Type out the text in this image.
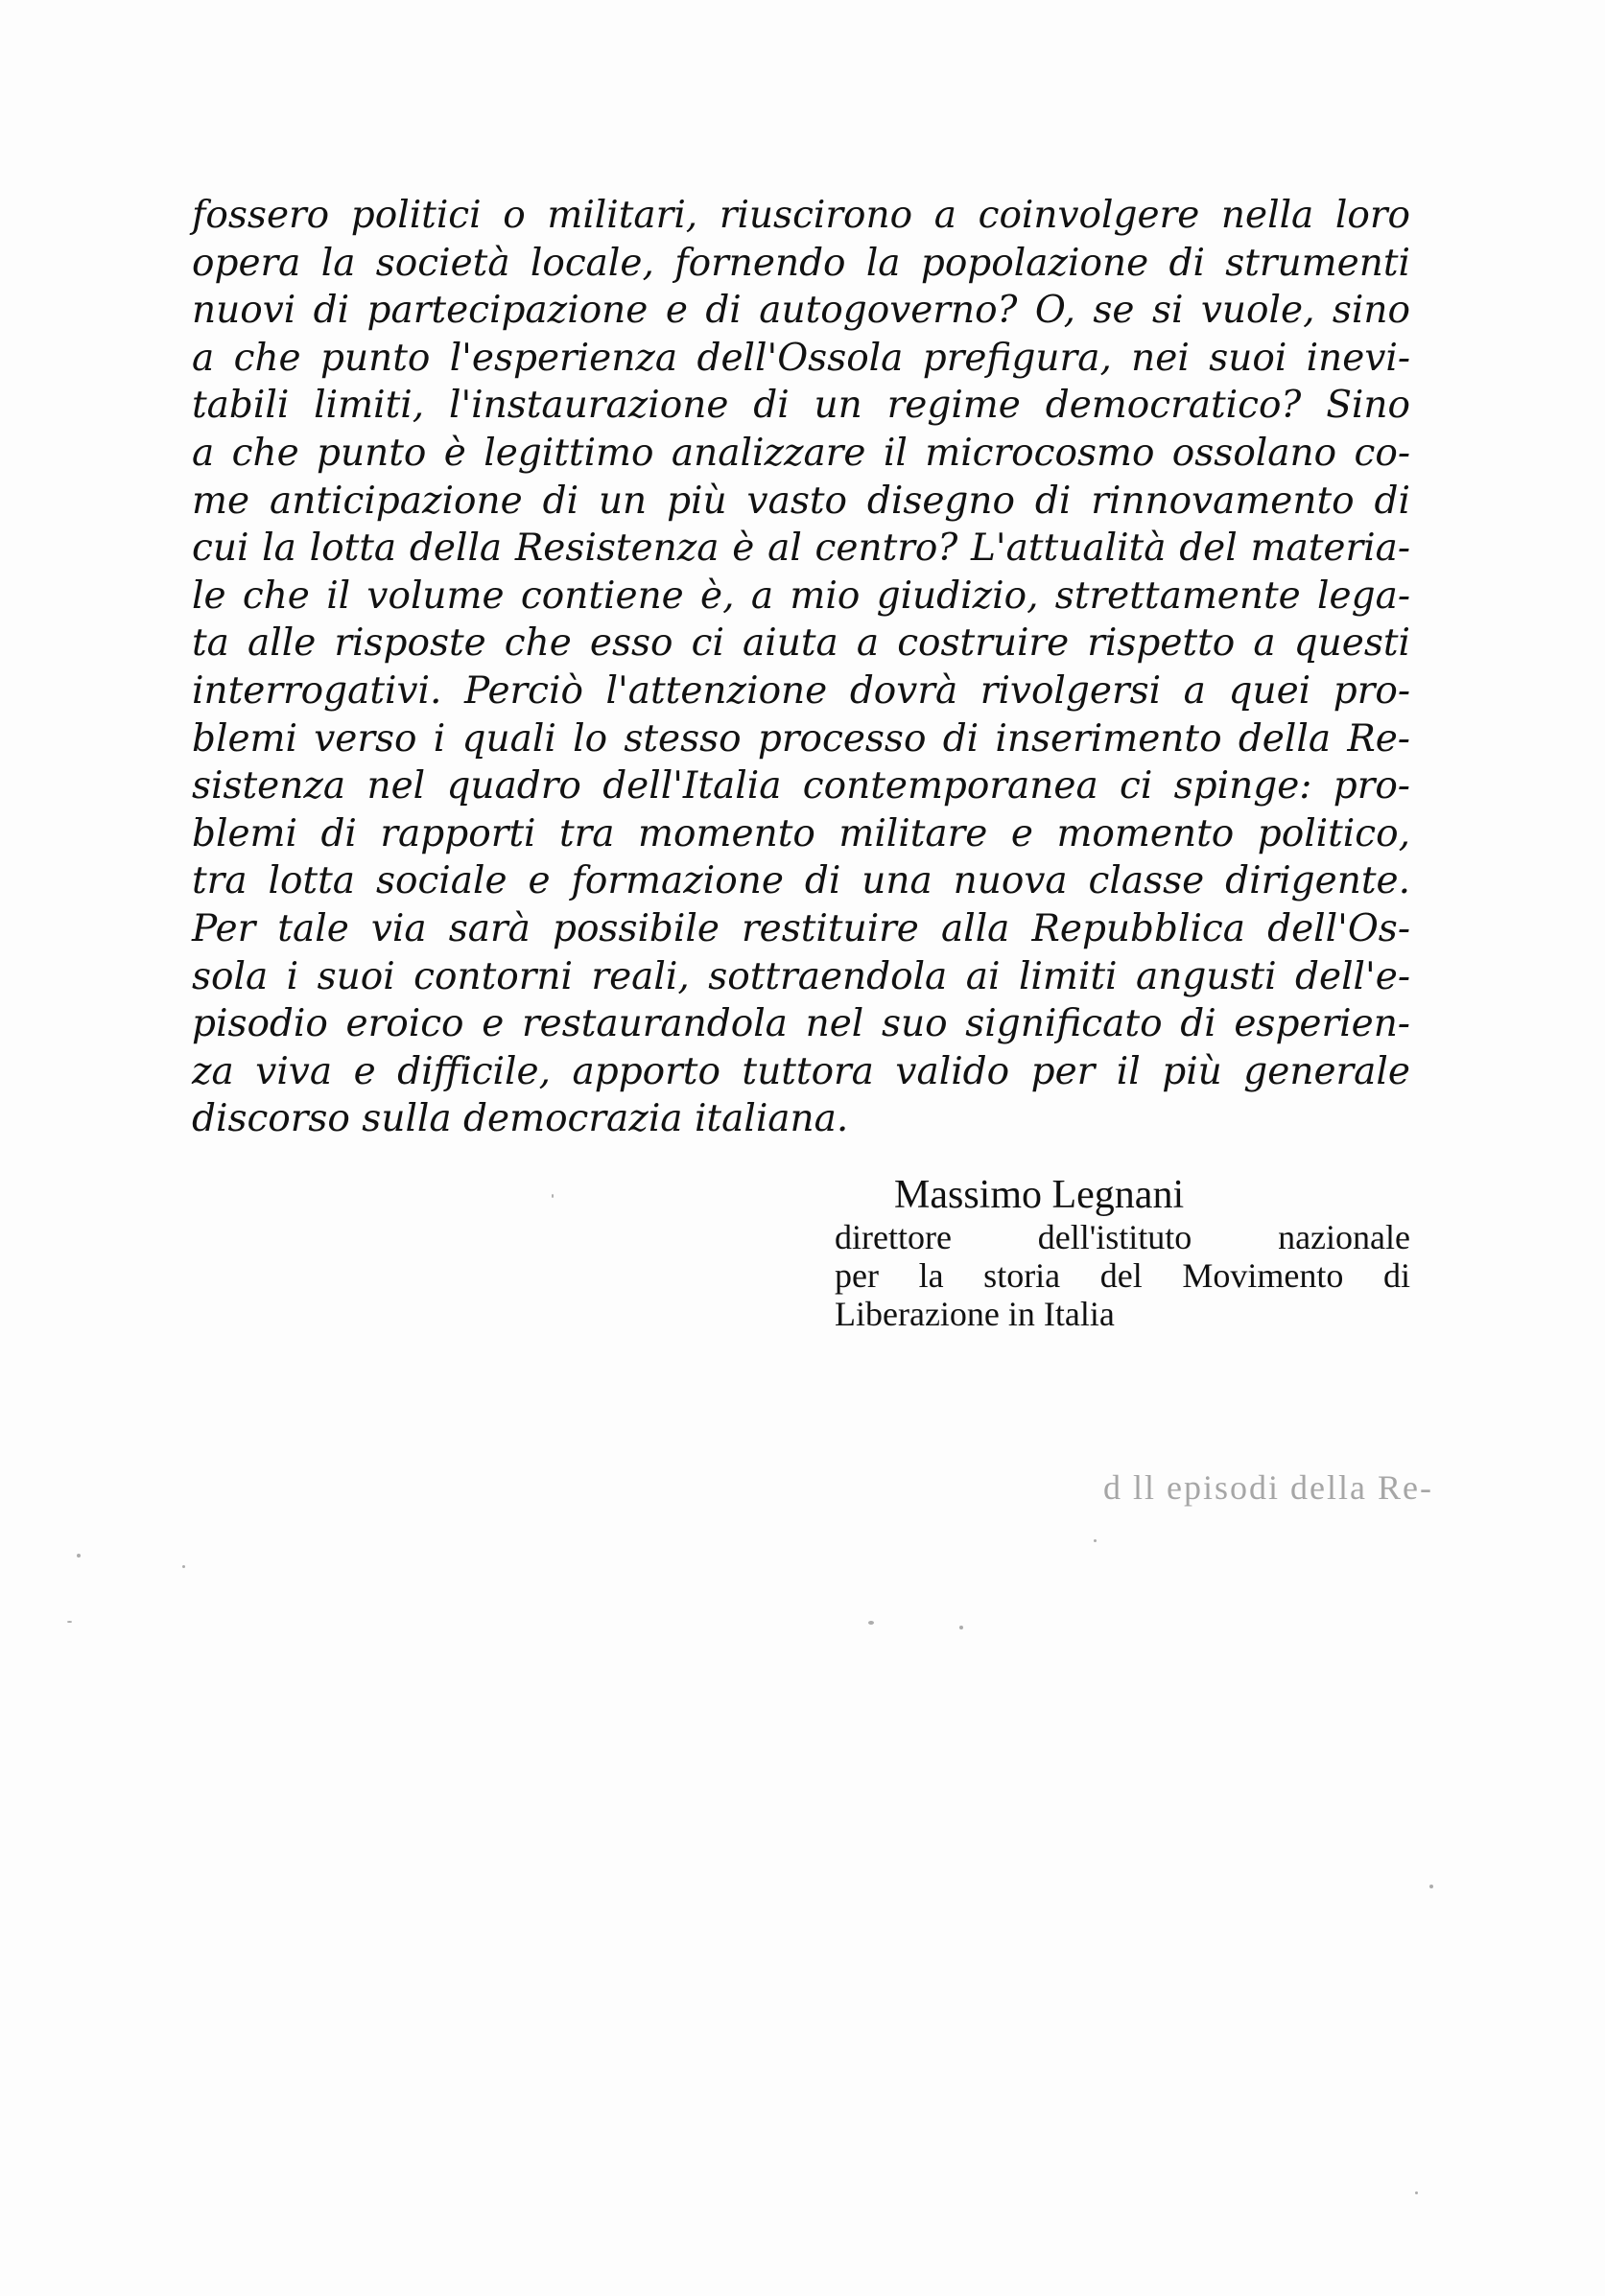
fossero politici o militari, riuscirono a coinvolgere nella loro
opera la società locale, fornendo la popolazione di strumenti
nuovi di partecipazione e di autogoverno? O, se si vuole, sino
a che punto l'esperienza dell'Ossola prefigura, nei suoi inevi-
tabili limiti, l'instaurazione di un regime democratico? Sino
a che punto è legittimo analizzare il microcosmo ossolano co-
me anticipazione di un più vasto disegno di rinnovamento di
cui la lotta della Resistenza è al centro? L'attualità del materia-
le che il volume contiene è, a mio giudizio, strettamente lega-
ta alle risposte che esso ci aiuta a costruire rispetto a questi
interrogativi. Perciò l'attenzione dovrà rivolgersi a quei pro-
blemi verso i quali lo stesso processo di inserimento della Re-
sistenza nel quadro dell'Italia contemporanea ci spinge: pro-
blemi di rapporti tra momento militare e momento politico,
tra lotta sociale e formazione di una nuova classe dirigente.
Per tale via sarà possibile restituire alla Repubblica dell'Os-
sola i suoi contorni reali, sottraendola ai limiti angusti dell'e-
pisodio eroico e restaurandola nel suo significato di esperien-
za viva e difficile, apporto tuttora valido per il più generale
discorso sulla democrazia italiana.
Massimo Legnani
direttore dell'istituto nazionale
per la storia del Movimento di
Liberazione in Italia
d ll episodi della Re-
